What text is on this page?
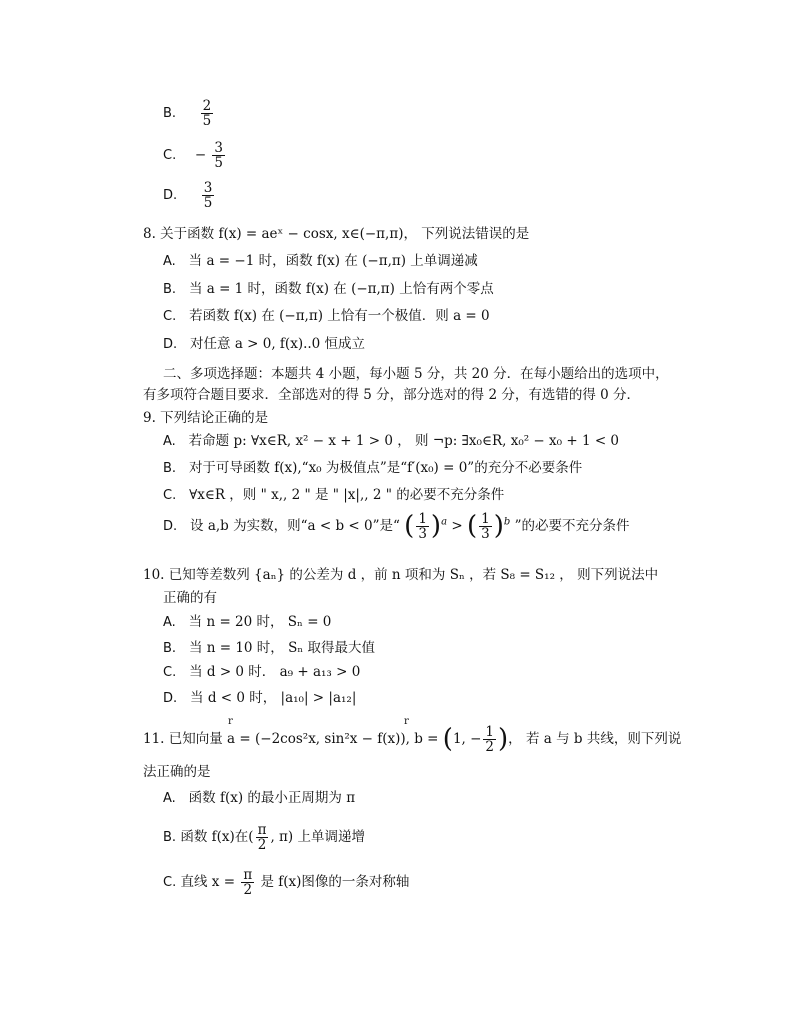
B. $\frac{2}{5}$
C. − $\frac{3}{5}$
D. $\frac{3}{5}$
8. 关于函数 f(x) = aeˣ − cosx, x∈(−π,π)， 下列说法错误的是
A. 当 a = −1 时，函数 f(x) 在 (−π,π) 上单调递减
B. 当 a = 1 时，函数 f(x) 在 (−π,π) 上恰有两个零点
C. 若函数 f(x) 在 (−π,π) 上恰有一个极值．则 a = 0
D. 对任意 a > 0, f(x)..0 恒成立
二、多项选择题：本题共 4 小题，每小题 5 分，共 20 分．在每小题给出的选项中，
有多项符合题目要求．全部选对的得 5 分，部分选对的得 2 分，有选错的得 0 分．
9. 下列结论正确的是
A. 若命题 p: ∀x∈R, x² − x + 1 > 0 ， 则 ¬p: ∃x₀∈R, x₀² − x₀ + 1 < 0
B. 对于可导函数 f(x),“x₀ 为极值点”是“f′(x₀) = 0”的充分不必要条件
C. ∀x∈R ，则 " x,, 2 " 是 " |x|,, 2 " 的必要不充分条件
D. 设 a,b 为实数，则“a < b < 0”是“ ( $\frac{1}{3} )^a$ > ( $\frac{1}{3} )^b$ ”的必要不充分条件
10. 已知等差数列 {aₙ} 的公差为 d ，前 n 项和为 Sₙ ，若 S₈ = S₁₂ ， 则下列说法中
正确的有
A. 当 n = 20 时， Sₙ = 0
B. 当 n = 10 时， Sₙ 取得最大值
C. 当 d > 0 时． a₉ + a₁₃ > 0
D. 当 d < 0 时， |a₁₀| > |a₁₂|
11. 已知向量 a = (−2cos²x, sin²x − f(x)), b = (1, − $\frac{1}{2}$ )， 若 a 与 b 共线，则下列说
r	r
法正确的是
A. 函数 f(x) 的最小正周期为 π
B. 函数 f(x)在( $\frac{\pi}{2}$ , π) 上单调递增
C. 直线 $x = \frac{\pi}{2}$ 是 f(x)图像的一条对称轴
